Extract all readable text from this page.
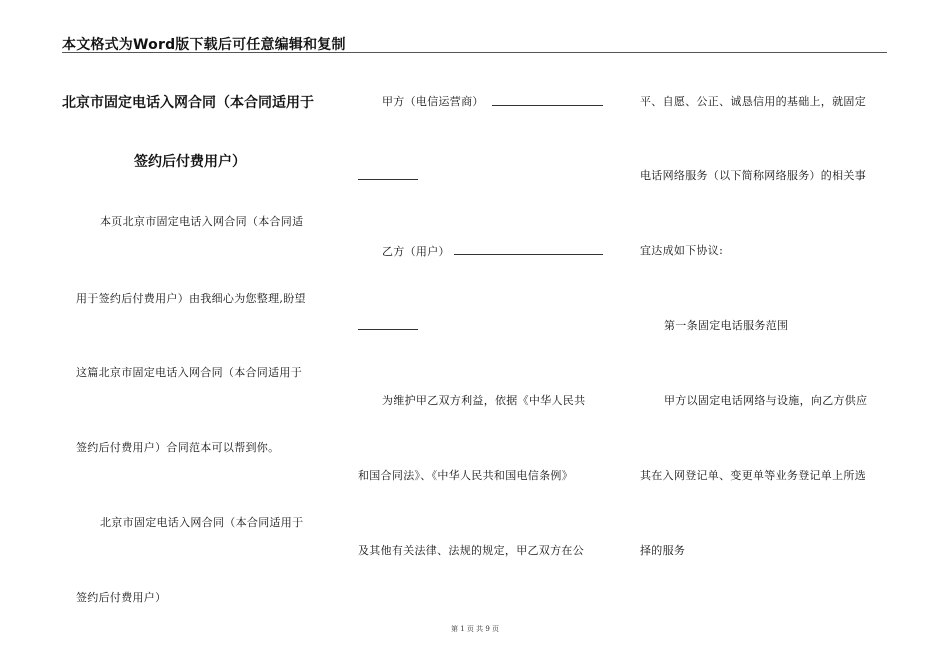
本文格式为Word版下载后可任意编辑和复制
北京市固定电话入网合同（本合同适用于
签约后付费用户）
本页北京市固定电话入网合同（本合同适
用于签约后付费用户）由我细心为您整理,盼望
这篇北京市固定电话入网合同（本合同适用于
签约后付费用户）合同范本可以帮到你。
北京市固定电话入网合同（本合同适用于
签约后付费用户）
甲方（电信运营商）
乙方（用户）
为维护甲乙双方利益，依据《中华人民共
和国合同法》、《中华人民共和国电信条例》
及其他有关法律、法规的规定，甲乙双方在公
平、自愿、公正、诚恳信用的基础上，就固定
电话网络服务（以下简称网络服务）的相关事
宜达成如下协议:
第一条固定电话服务范围
甲方以固定电话网络与设施，向乙方供应
其在入网登记单、变更单等业务登记单上所选
择的服务
第 1 页 共 9 页
